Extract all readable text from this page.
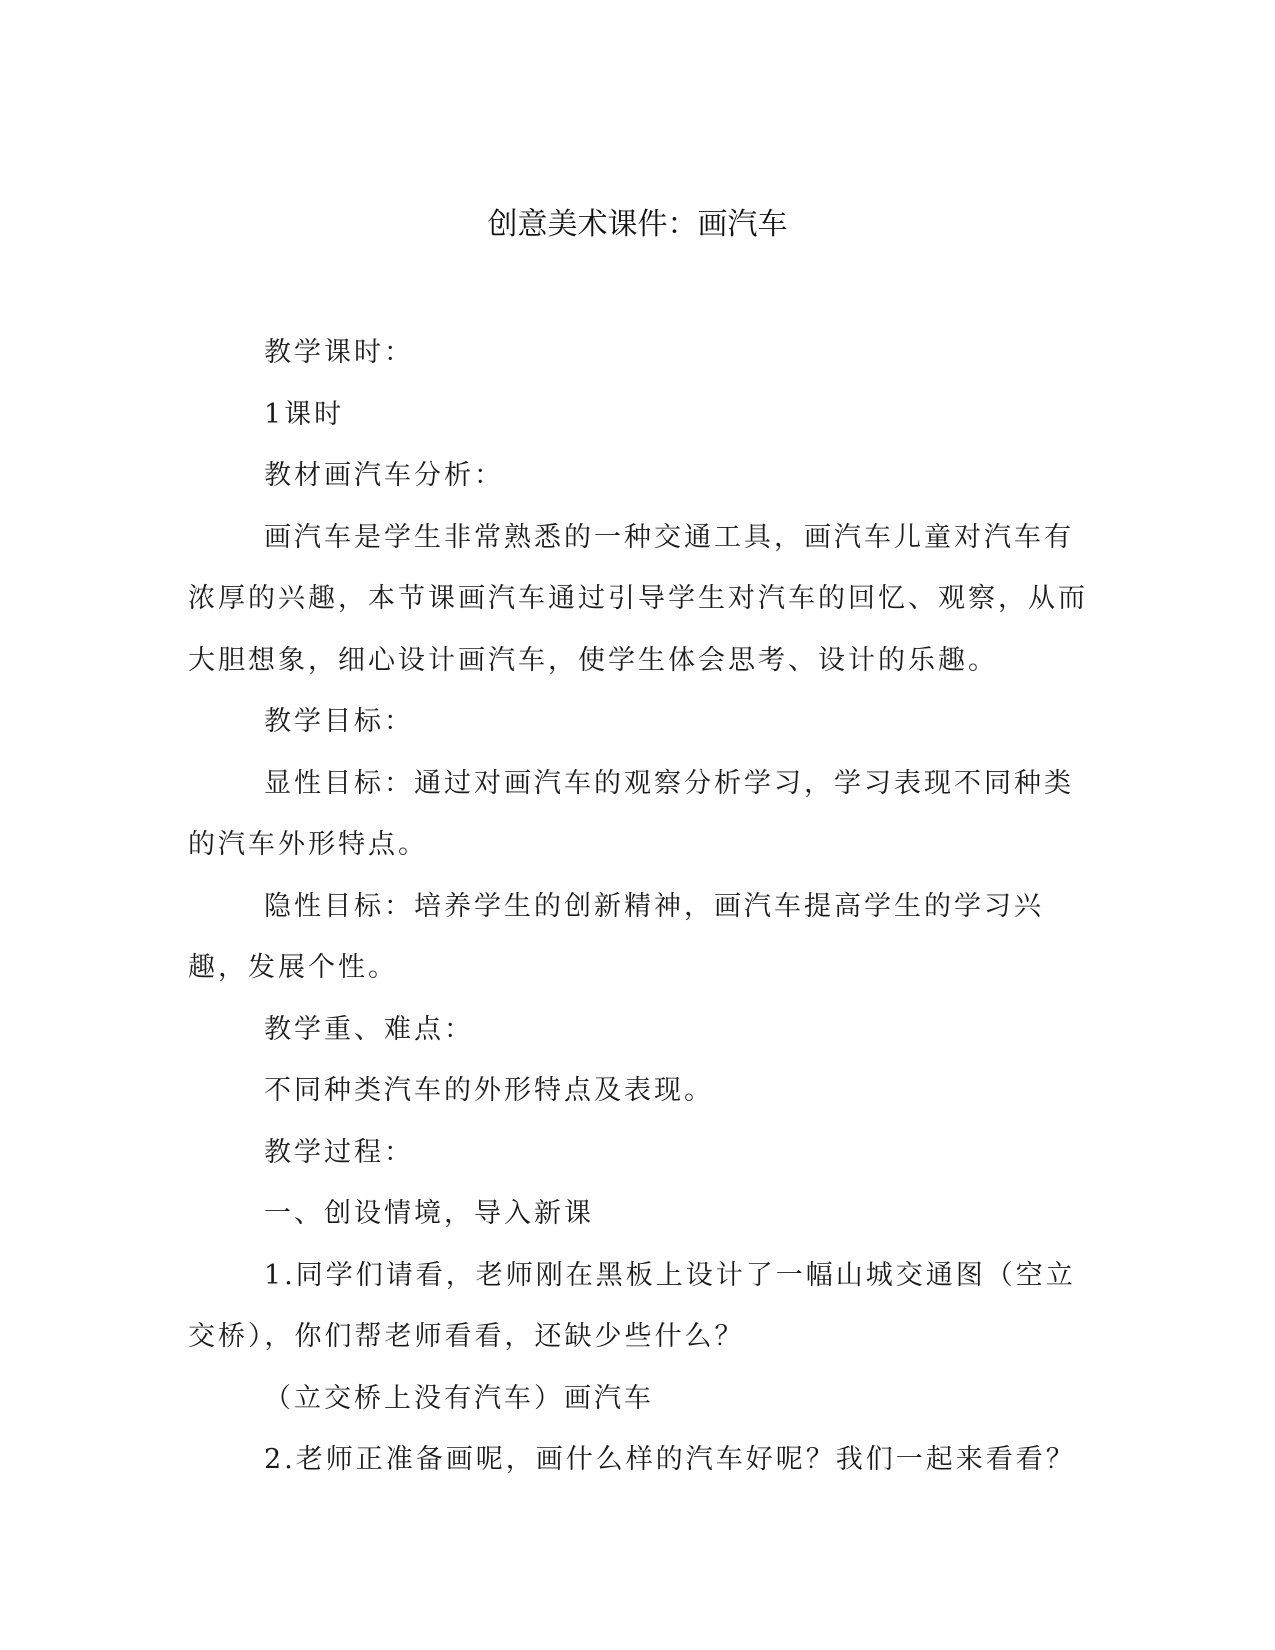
创意美术课件：画汽车

教学课时：

1课时

教材画汽车分析：

画汽车是学生非常熟悉的一种交通工具，画汽车儿童对汽车有浓厚的兴趣，本节课画汽车通过引导学生对汽车的回忆、观察，从而大胆想象，细心设计画汽车，使学生体会思考、设计的乐趣。

教学目标：

显性目标：通过对画汽车的观察分析学习，学习表现不同种类的汽车外形特点。

隐性目标：培养学生的创新精神，画汽车提高学生的学习兴趣，发展个性。

教学重、难点：

不同种类汽车的外形特点及表现。

教学过程：

一、创设情境，导入新课

1.同学们请看，老师刚在黑板上设计了一幅山城交通图（空立交桥），你们帮老师看看，还缺少些什么？

（立交桥上没有汽车）画汽车

2.老师正准备画呢，画什么样的汽车好呢？我们一起来看看？
